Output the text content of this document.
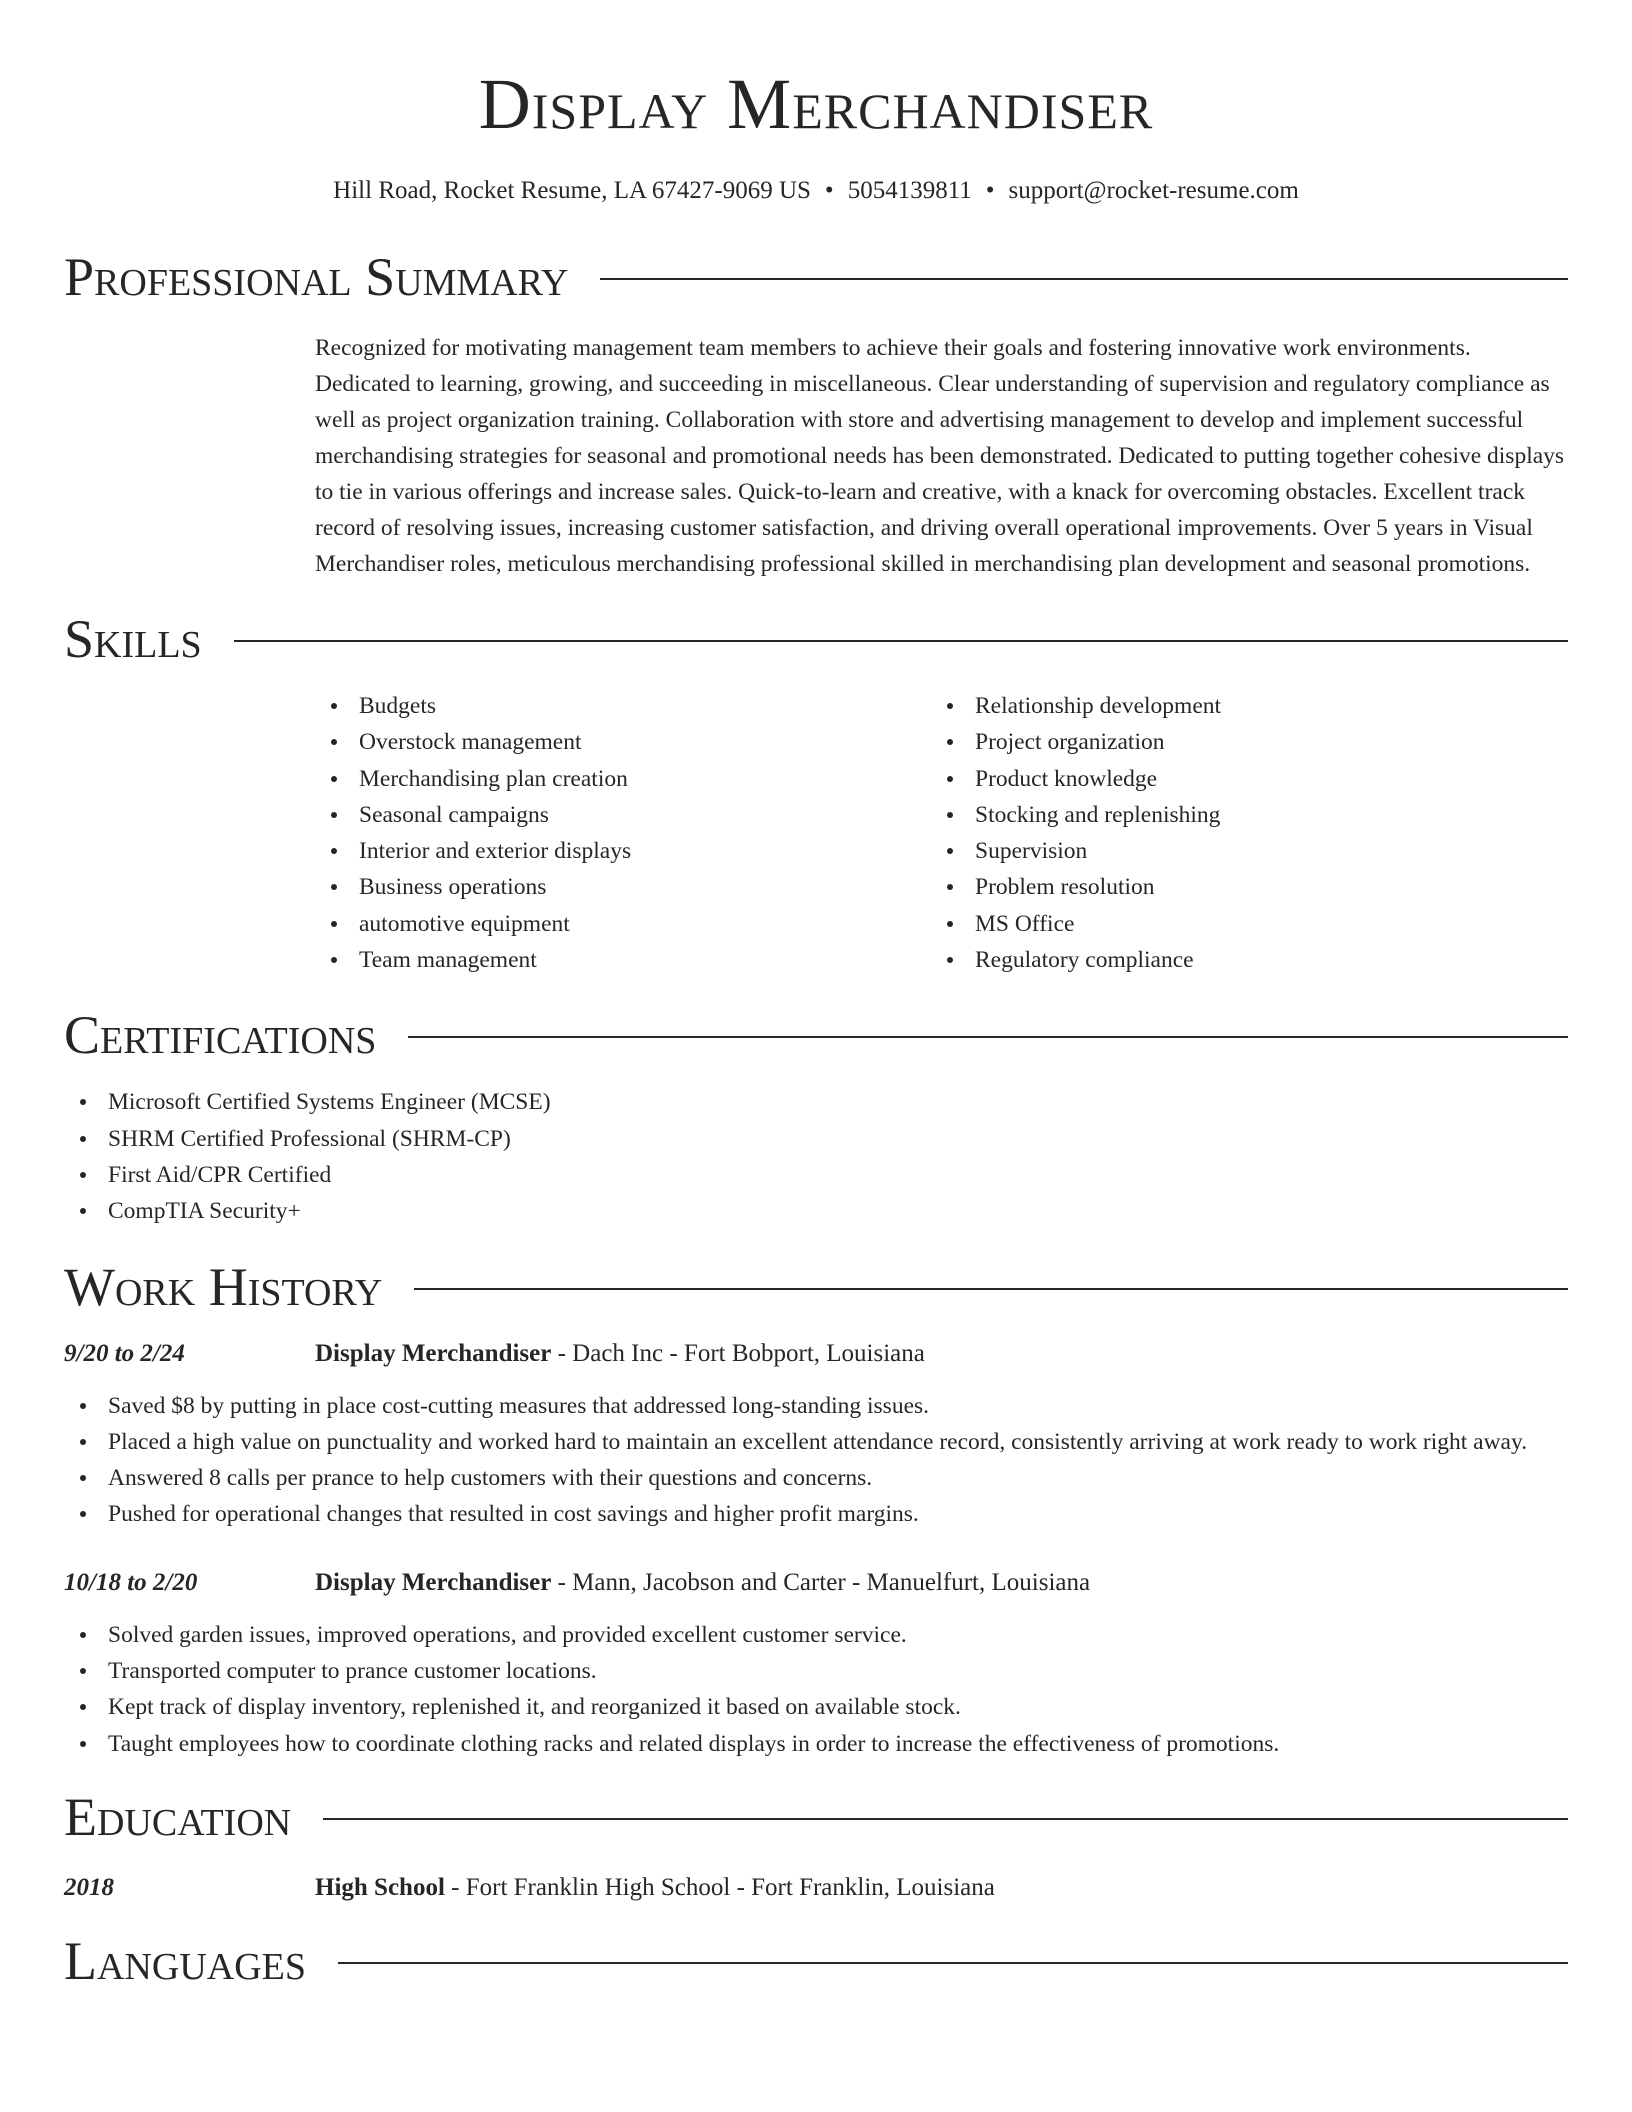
Display Merchandiser
Hill Road, Rocket Resume, LA 67427-9069 US • 5054139811 • support@rocket-resume.com
Professional Summary
Recognized for motivating management team members to achieve their goals and fostering innovative work environments. Dedicated to learning, growing, and succeeding in miscellaneous. Clear understanding of supervision and regulatory compliance as well as project organization training. Collaboration with store and advertising management to develop and implement successful merchandising strategies for seasonal and promotional needs has been demonstrated. Dedicated to putting together cohesive displays to tie in various offerings and increase sales. Quick-to-learn and creative, with a knack for overcoming obstacles. Excellent track record of resolving issues, increasing customer satisfaction, and driving overall operational improvements. Over 5 years in Visual Merchandiser roles, meticulous merchandising professional skilled in merchandising plan development and seasonal promotions.
Skills
Budgets
Overstock management
Merchandising plan creation
Seasonal campaigns
Interior and exterior displays
Business operations
automotive equipment
Team management
Relationship development
Project organization
Product knowledge
Stocking and replenishing
Supervision
Problem resolution
MS Office
Regulatory compliance
Certifications
Microsoft Certified Systems Engineer (MCSE)
SHRM Certified Professional (SHRM-CP)
First Aid/CPR Certified
CompTIA Security+
Work History
9/20 to 2/24	Display Merchandiser - Dach Inc - Fort Bobport, Louisiana
Saved $8 by putting in place cost-cutting measures that addressed long-standing issues.
Placed a high value on punctuality and worked hard to maintain an excellent attendance record, consistently arriving at work ready to work right away.
Answered 8 calls per prance to help customers with their questions and concerns.
Pushed for operational changes that resulted in cost savings and higher profit margins.
10/18 to 2/20	Display Merchandiser - Mann, Jacobson and Carter - Manuelfurt, Louisiana
Solved garden issues, improved operations, and provided excellent customer service.
Transported computer to prance customer locations.
Kept track of display inventory, replenished it, and reorganized it based on available stock.
Taught employees how to coordinate clothing racks and related displays in order to increase the effectiveness of promotions.
Education
2018	High School - Fort Franklin High School - Fort Franklin, Louisiana
Languages
